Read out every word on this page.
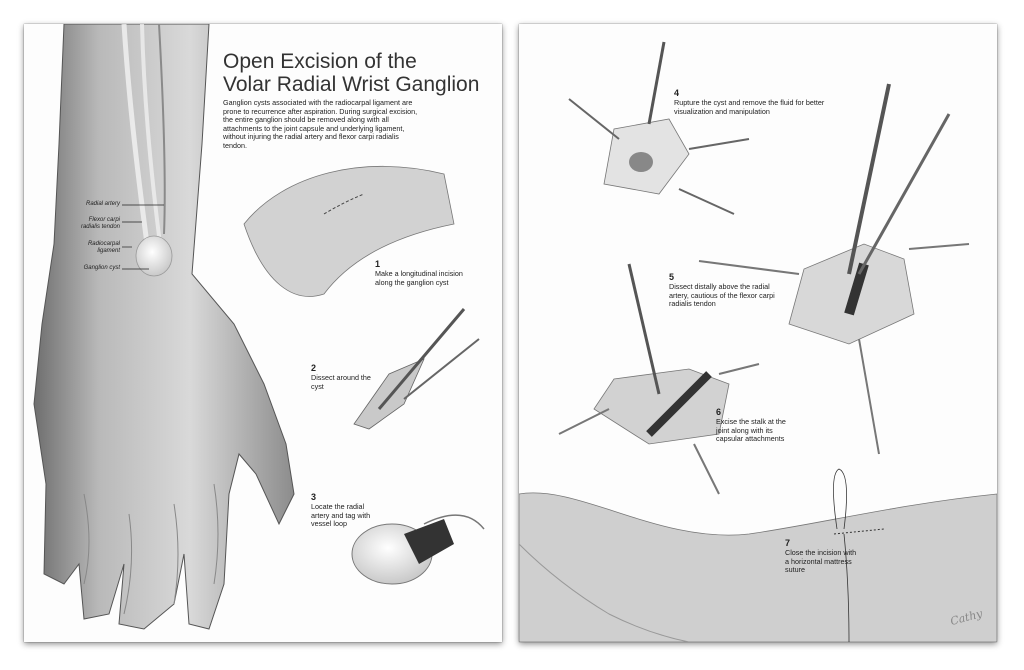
Open Excision of the
Volar Radial Wrist Ganglion
Ganglion cysts associated with the radiocarpal ligament are prone to recurrence after aspiration. During surgical excision, the entire ganglion should be removed along with all attachments to the joint capsule and underlying ligament, without injuring the radial artery and flexor carpi radialis tendon.
Radial artery
Flexor carpi
radialis tendon
Radiocarpal
ligament
Ganglion cyst	1
Make a longitudinal incision along the ganglion cyst
2
Dissect around the cyst
3
Locate the radial artery and tag with vessel loop
4
Rupture the cyst and remove the fluid for better visualization and manipulation
5
Dissect distally above the radial artery, cautious of the flexor carpi radialis tendon
6
Excise the stalk at the joint along with its capsular attachments
7
Close the incision with a horizontal mattress suture
Cathy
